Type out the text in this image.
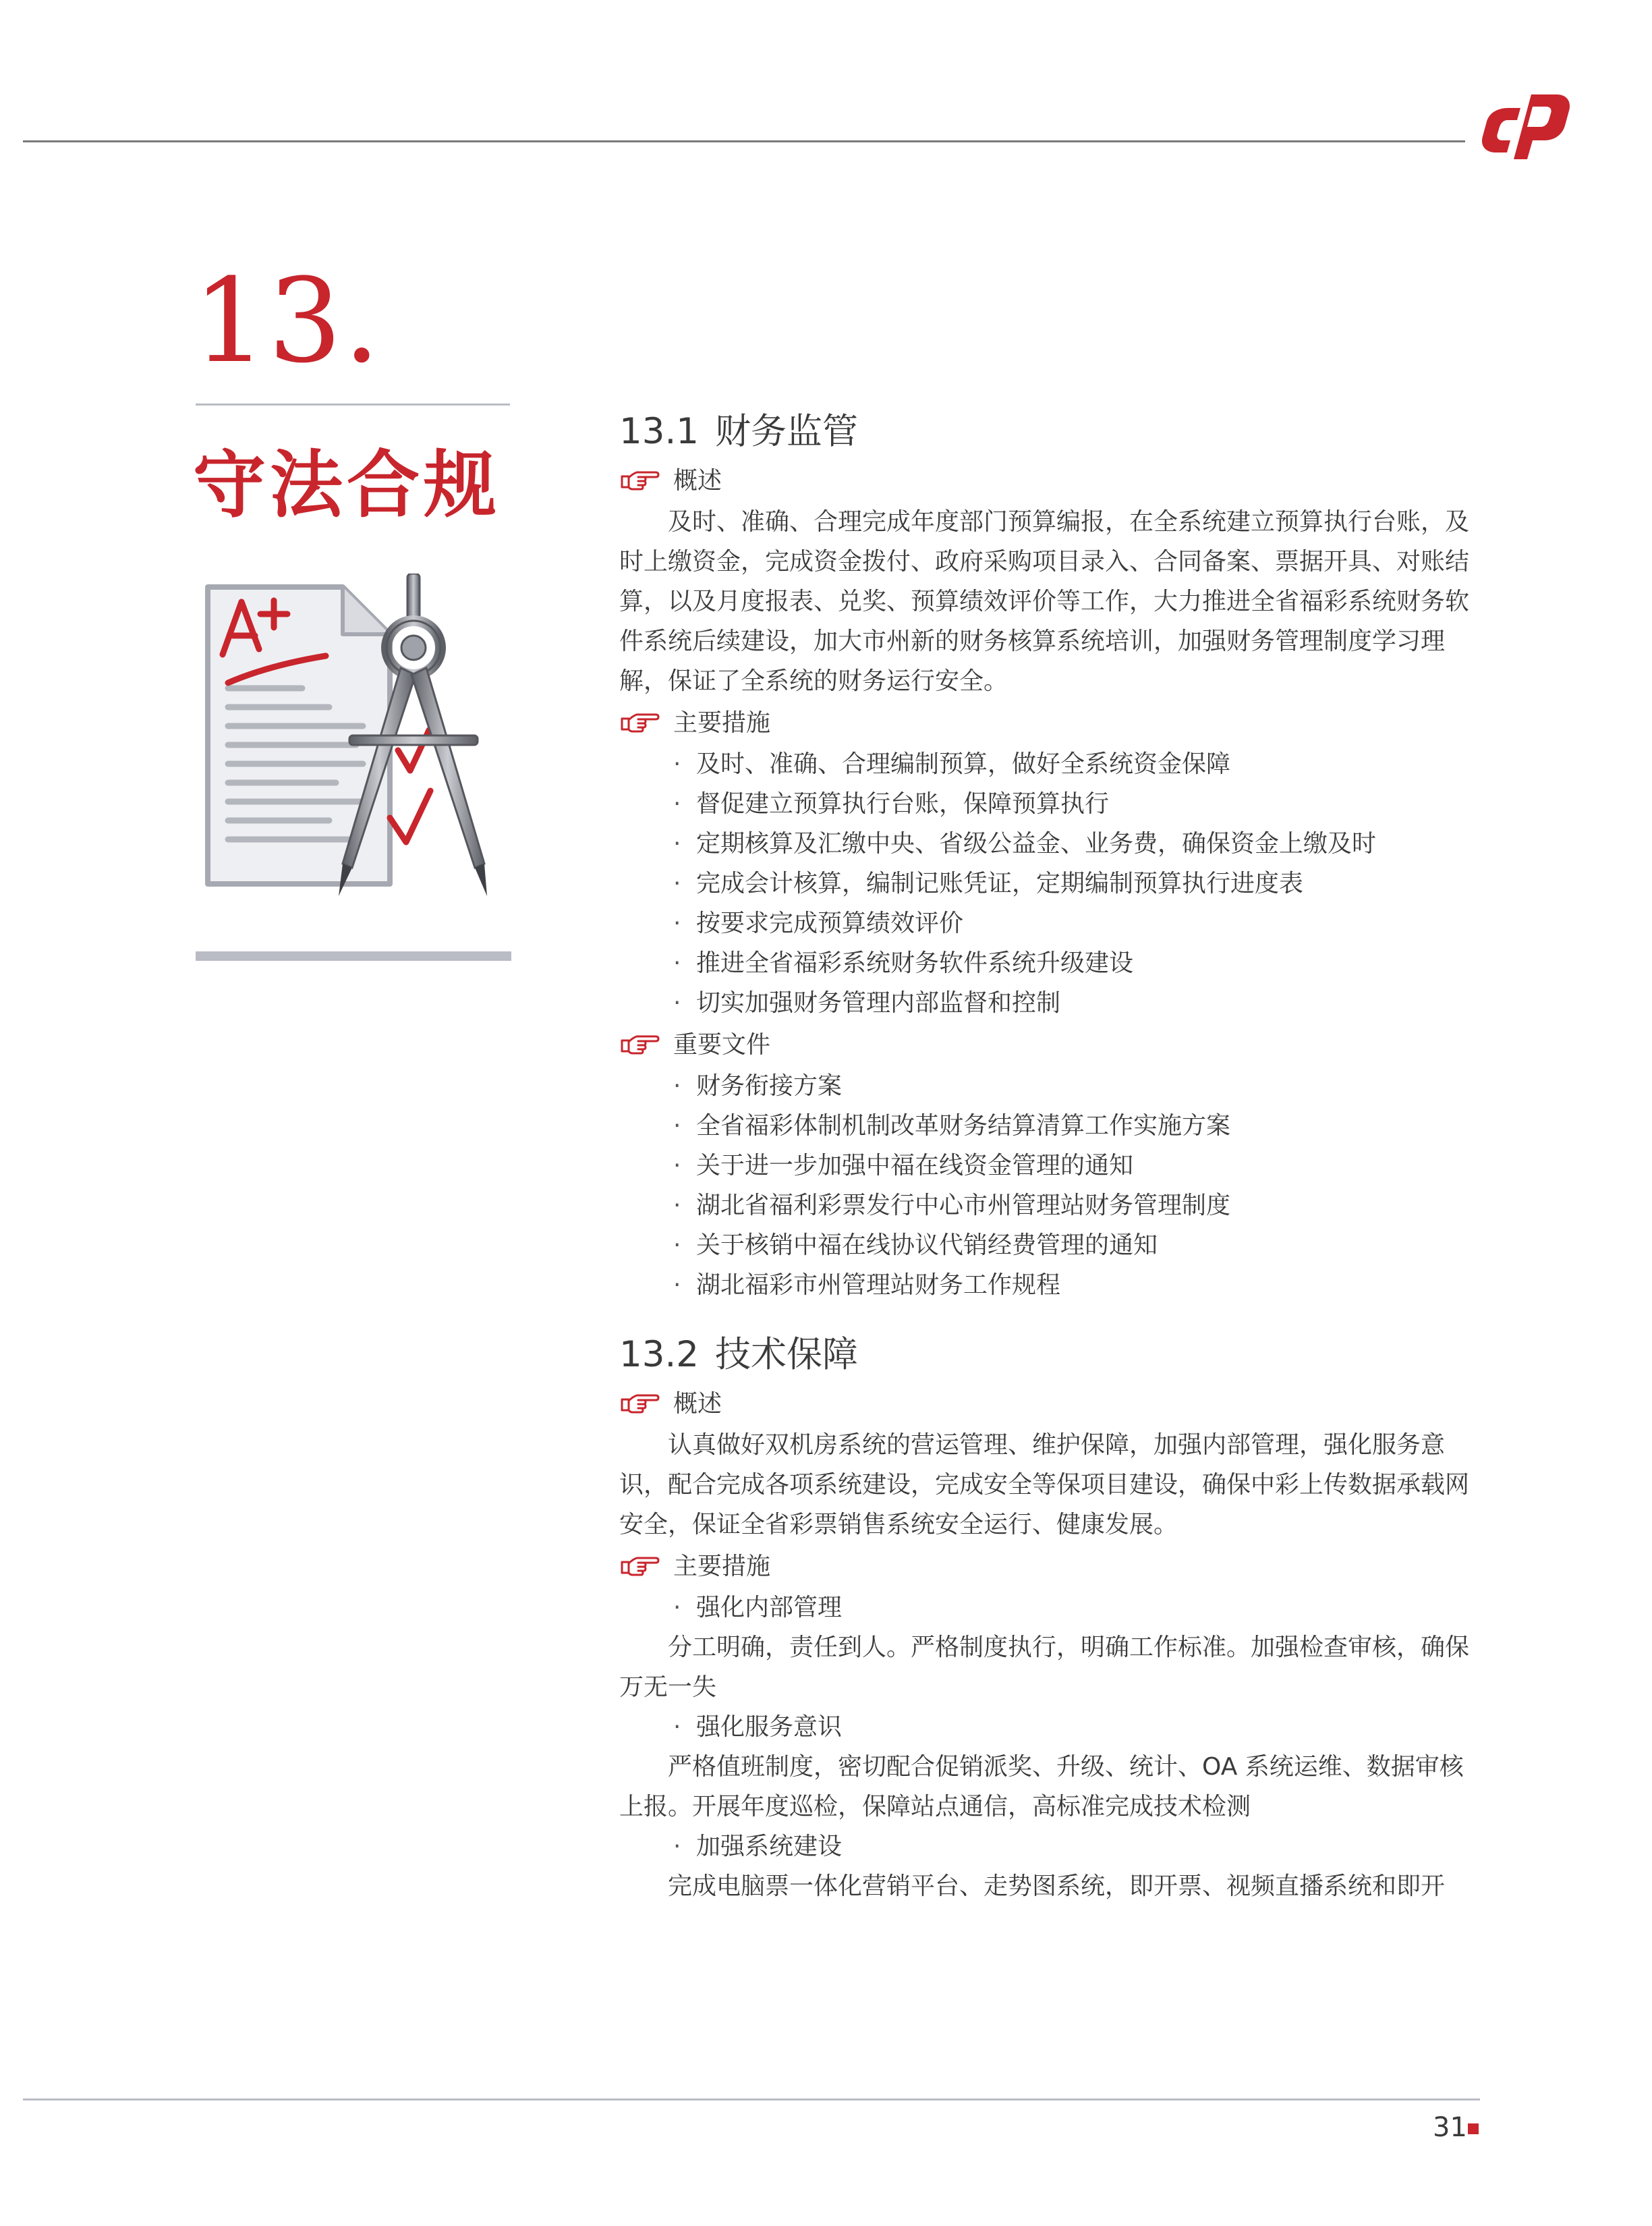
13.
守法合规
13.1 财务监管
概述

及时、准确、合理完成年度部门预算编报，在全系统建立预算执行台账，及时上缴资金，完成资金拨付、政府采购项目录入、合同备案、票据开具、对账结算，以及月度报表、兑奖、预算绩效评价等工作，大力推进全省福彩系统财务软件系统后续建设，加大市州新的财务核算系统培训，加强财务管理制度学习理解，保证了全系统的财务运行安全。

主要措施
· 及时、准确、合理编制预算，做好全系统资金保障
· 督促建立预算执行台账，保障预算执行
· 定期核算及汇缴中央、省级公益金、业务费，确保资金上缴及时
· 完成会计核算，编制记账凭证，定期编制预算执行进度表
· 按要求完成预算绩效评价
· 推进全省福彩系统财务软件系统升级建设
· 切实加强财务管理内部监督和控制
重要文件
· 财务衔接方案
· 全省福彩体制机制改革财务结算清算工作实施方案
· 关于进一步加强中福在线资金管理的通知
· 湖北省福利彩票发行中心市州管理站财务管理制度
· 关于核销中福在线协议代销经费管理的通知
· 湖北福彩市州管理站财务工作规程
13.2 技术保障
概述

认真做好双机房系统的营运管理、维护保障，加强内部管理，强化服务意识，配合完成各项系统建设，完成安全等保项目建设，确保中彩上传数据承载网安全，保证全省彩票销售系统安全运行、健康发展。

主要措施
· 强化内部管理

分工明确，责任到人。严格制度执行，明确工作标准。加强检查审核，确保万无一失

· 强化服务意识

严格值班制度，密切配合促销派奖、升级、统计、OA 系统运维、数据审核上报。开展年度巡检，保障站点通信，高标准完成技术检测

· 加强系统建设

完成电脑票一体化营销平台、走势图系统，即开票、视频直播系统和即开

31
